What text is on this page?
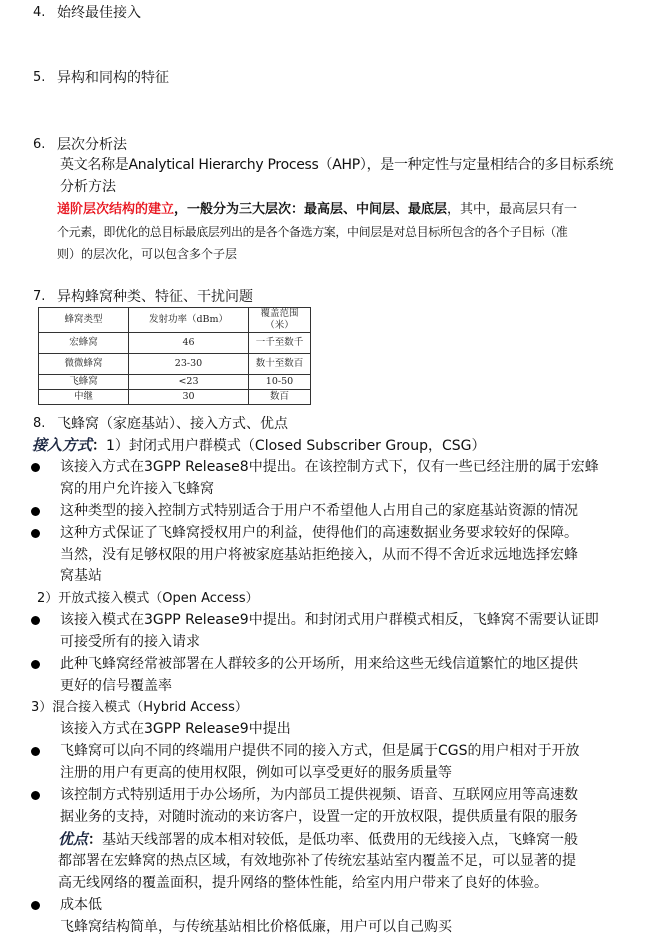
4. 始终最佳接入
5. 异构和同构的特征
6. 层次分析法
英文名称是Analytical Hierarchy Process（AHP），是一种定性与定量相结合的多目标系统
分析方法
递阶层次结构的建立，一般分为三大层次：最高层、中间层、最底层，其中，最高层只有一
个元素，即优化的总目标最底层列出的是各个备选方案，中间层是对总目标所包含的各个子目标（准
则）的层次化，可以包含多个子层
7. 异构蜂窝种类、特征、干扰问题
蜂窝类型	发射功率（dBm）	覆盖范围（米）
宏蜂窝	46	一千至数千
微微蜂窝	23-30	数十至数百
飞蜂窝	<23	10-50
中继	30	数百
8. 飞蜂窝（家庭基站）、接入方式、优点
接入方式：1）封闭式用户群模式（Closed Subscriber Group，CSG）
该接入方式在3GPP Release8中提出。在该控制方式下，仅有一些已经注册的属于宏蜂
窝的用户允许接入飞蜂窝
这种类型的接入控制方式特别适合于用户不希望他人占用自己的家庭基站资源的情况
这种方式保证了飞蜂窝授权用户的利益，使得他们的高速数据业务要求较好的保障。
当然，没有足够权限的用户将被家庭基站拒绝接入，从而不得不舍近求远地选择宏蜂
窝基站
2）开放式接入模式（Open Access）
该接入模式在3GPP Release9中提出。和封闭式用户群模式相反，飞蜂窝不需要认证即
可接受所有的接入请求
此种飞蜂窝经常被部署在人群较多的公开场所，用来给这些无线信道繁忙的地区提供
更好的信号覆盖率
3）混合接入模式（Hybrid Access）
该接入方式在3GPP Release9中提出
飞蜂窝可以向不同的终端用户提供不同的接入方式，但是属于CGS的用户相对于开放
注册的用户有更高的使用权限，例如可以享受更好的服务质量等
该控制方式特别适用于办公场所，为内部员工提供视频、语音、互联网应用等高速数
据业务的支持，对随时流动的来访客户，设置一定的开放权限，提供质量有限的服务
优点：基站天线部署的成本相对较低，是低功率、低费用的无线接入点，飞蜂窝一般
都部署在宏蜂窝的热点区域，有效地弥补了传统宏基站室内覆盖不足，可以显著的提
高无线网络的覆盖面积，提升网络的整体性能，给室内用户带来了良好的体验。
成本低
飞蜂窝结构简单，与传统基站相比价格低廉，用户可以自己购买
